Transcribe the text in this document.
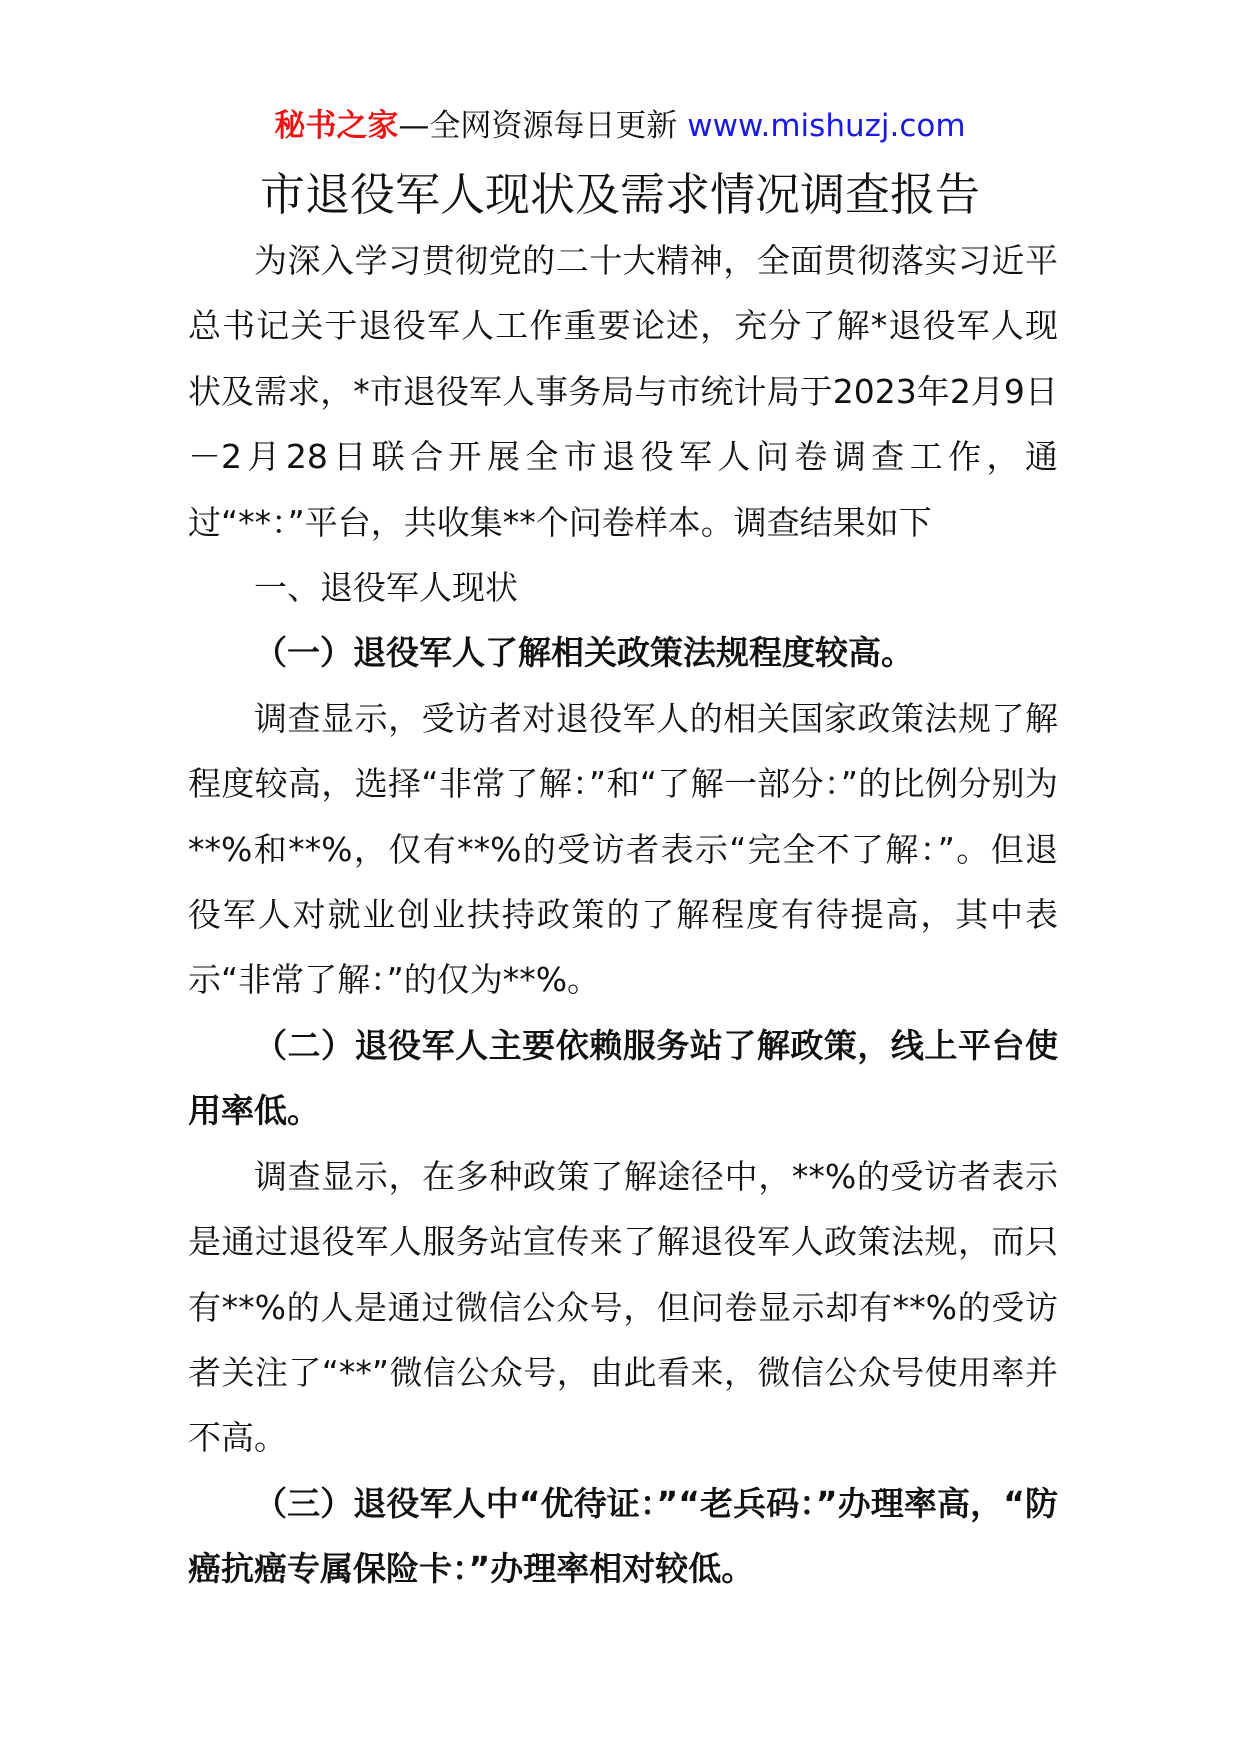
秘书之家—全网资源每日更新 www.mishuzj.com
市退役军人现状及需求情况调查报告

为深入学习贯彻党的二十大精神，全面贯彻落实习近平总书记关于退役军人工作重要论述，充分了解*退役军人现状及需求，*市退役军人事务局与市统计局于2023年2月9日－2月28日联合开展全市退役军人问卷调查工作，通过“**：”平台，共收集**个问卷样本。调查结果如下

一、退役军人现状

（一）退役军人了解相关政策法规程度较高。

调查显示，受访者对退役军人的相关国家政策法规了解程度较高，选择“非常了解：”和“了解一部分：”的比例分别为**%和**%，仅有**%的受访者表示“完全不了解：”。但退役军人对就业创业扶持政策的了解程度有待提高，其中表示“非常了解：”的仅为**%。

（二）退役军人主要依赖服务站了解政策，线上平台使用率低。

调查显示，在多种政策了解途径中，**%的受访者表示是通过退役军人服务站宣传来了解退役军人政策法规，而只有**%的人是通过微信公众号，但问卷显示却有**%的受访者关注了“**”微信公众号，由此看来，微信公众号使用率并不高。

（三）退役军人中“优待证：”“老兵码：”办理率高，“防癌抗癌专属保险卡：”办理率相对较低。
